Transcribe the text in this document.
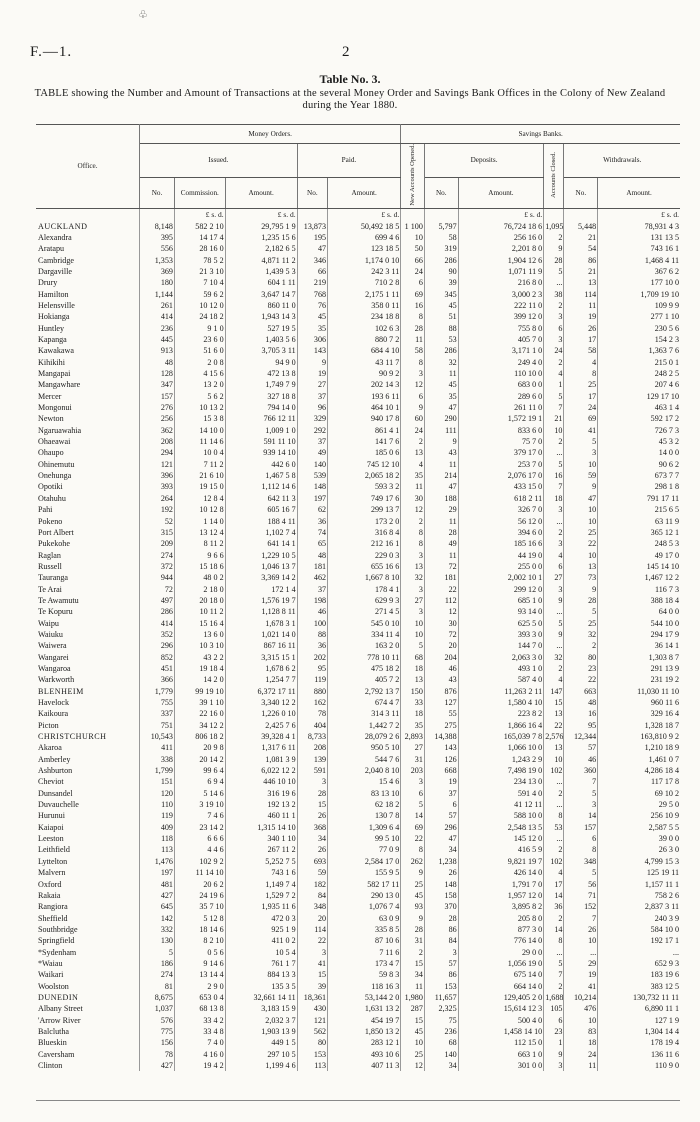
♧
F.—1.	2
Table No. 3.
TABLE showing the Number and Amount of Transactions at the several Money Order and Savings Bank Offices in the Colony of New Zealand during the Year 1880.
Office.	Money Orders.					Savings Banks.					
	Issued.			Paid.		New Accounts Opened.	Deposits.		Accounts Closed.	Withdrawals.	
	No.	Commission.	Amount.	No.	Amount.		No.	Amount.		No.	Amount.
		£ s. d.	£ s. d.		£ s. d.			£ s. d.			£ s. d.
AUCKLAND	8,148	582 2 10	29,795 1 9	13,873	50,492 18 5	1 100	5,797	76,724 18 6	1,095	5,448	78,931 4 3
Alexandra	395	14 17 4	1,235 15 6	195	699 4 6	10	58	256 16 0	2	21	131 13 5
Aratapu	556	28 16 0	2,182 6 5	47	123 18 5	50	319	2,201 8 0	9	54	743 16 1
Cambridge	1,353	78 5 2	4,871 11 2	346	1,174 0 10	66	286	1,904 12 6	28	86	1,468 4 11
Dargaville	369	21 3 10	1,439 5 3	66	242 3 11	24	90	1,071 11 9	5	21	367 6 2
Drury	180	7 10 4	604 1 11	219	710 2 8	6	39	216 8 0	...	13	177 10 0
Hamilton	1,144	59 6 2	3,647 14 7	768	2,175 1 11	69	345	3,000 2 3	38	114	1,709 19 10
Helensville	261	10 12 0	860 11 0	76	358 0 11	16	45	222 11 0	2	11	109 9 9
Hokianga	414	24 18 2	1,943 14 3	45	234 18 8	8	51	399 12 0	3	19	277 1 10
Huntley	236	9 1 0	527 19 5	35	102 6 3	28	88	755 8 0	6	26	230 5 6
Kapanga	445	23 6 0	1,403 5 6	306	880 7 2	11	53	405 7 0	3	17	154 2 3
Kawakawa	913	51 6 0	3,705 3 11	143	684 4 10	58	286	3,171 1 0	24	58	1,363 7 6
Kihikihi	48	2 0 8	94 9 0	9	43 11 7	8	32	249 4 0	2	4	215 0 1
Mangapai	128	4 15 6	472 13 8	19	90 9 2	3	11	110 10 0	4	8	248 2 5
Mangawhare	347	13 2 0	1,749 7 9	27	202 14 3	12	45	683 0 0	1	25	207 4 6
Mercer	157	5 6 2	327 18 8	37	193 6 11	6	35	289 6 0	5	17	129 17 10
Mongonui	276	10 13 2	794 14 0	96	464 10 1	9	47	261 11 0	7	24	463 1 4
Newton	256	15 3 8	766 12 11	329	940 17 8	60	290	1,572 19 1	21	69	592 17 2
Ngaruawahia	362	14 10 0	1,009 1 0	292	861 4 1	24	111	833 6 0	10	41	726 7 3
Ohaeawai	208	11 14 6	591 11 10	37	141 7 6	2	9	75 7 0	2	5	45 3 2
Ohaupo	294	10 0 4	939 14 10	49	185 0 6	13	43	379 17 0	...	3	14 0 0
Ohinemutu	121	7 11 2	442 6 0	140	745 12 10	4	11	253 7 0	5	10	90 6 2
Onehunga	396	21 6 10	1,467 5 8	539	2,065 18 2	35	214	2,076 17 0	16	59	673 7 7
Opotiki	393	19 15 0	1,112 14 6	148	593 3 2	11	47	433 15 0	7	9	298 1 8
Otahuhu	264	12 8 4	642 11 3	197	749 17 6	30	188	618 2 11	18	47	791 17 11
Pahi	192	10 12 8	605 16 7	62	299 13 7	12	29	326 7 0	3	10	215 6 5
Pokeno	52	1 14 0	188 4 11	36	173 2 0	2	11	56 12 0	...	10	63 11 9
Port Albert	315	13 12 4	1,102 7 4	74	316 8 4	8	28	394 6 0	2	25	365 12 1
Pukekohe	209	8 11 2	641 14 1	65	212 16 1	8	49	185 16 6	3	22	248 5 3
Raglan	274	9 6 6	1,229 10 5	48	229 0 3	3	11	44 19 0	4	10	49 17 0
Russell	372	15 18 6	1,046 13 7	181	655 16 6	13	72	255 0 0	6	13	145 14 10
Tauranga	944	48 0 2	3,369 14 2	462	1,667 8 10	32	181	2,002 10 1	27	73	1,467 12 2
Te Arai	72	2 18 0	172 1 4	37	178 4 1	3	22	299 12 0	3	9	116 7 3
Te Awamutu	497	20 18 0	1,576 19 7	198	629 9 3	27	112	685 1 0	9	28	388 18 4
Te Kopuru	286	10 11 2	1,128 8 11	46	271 4 5	3	12	93 14 0	...	5	64 0 0
Waipu	414	15 16 4	1,678 3 1	100	545 0 10	10	30	625 5 0	5	25	544 10 0
Waiuku	352	13 6 0	1,021 14 0	88	334 11 4	10	72	393 3 0	9	32	294 17 9
Waiwera	296	10 3 10	867 16 11	36	163 2 0	5	20	144 7 0	...	2	36 14 1
Wangarei	852	43 2 2	3,315 15 1	202	778 10 11	68	204	2,063 3 0	32	80	1,303 8 7
Wangaroa	451	19 18 4	1,678 6 2	95	475 18 2	18	46	493 1 0	2	23	291 13 9
Warkworth	366	14 2 0	1,254 7 7	119	405 7 2	13	43	587 4 0	4	22	231 19 2
BLENHEIM	1,779	99 19 10	6,372 17 11	880	2,792 13 7	150	876	11,263 2 11	147	663	11,030 11 10
Havelock	755	39 1 10	3,340 12 2	162	674 4 7	33	127	1,580 4 10	15	48	960 11 6
Kaikoura	337	22 16 0	1,226 0 10	78	314 3 11	18	55	223 8 2	13	16	329 16 4
Picton	751	34 12 2	2,425 7 6	404	1,442 7 2	35	275	1,866 16 4	22	95	1,328 18 7
CHRISTCHURCH	10,543	806 18 2	39,328 4 1	8,733	28,079 2 6	2,893	14,388	165,039 7 8	2,576	12,344	163,810 9 2
Akaroa	411	20 9 8	1,317 6 11	208	950 5 10	27	143	1,066 10 0	13	57	1,210 18 9
Amberley	338	20 14 2	1,081 3 9	139	544 7 6	31	126	1,243 2 9	10	46	1,461 0 7
Ashburton	1,799	99 6 4	6,022 12 2	591	2,040 8 10	203	668	7,498 19 0	102	360	4,286 18 4
Cheviot	151	6 9 4	446 10 10	3	15 4 6	3	19	234 13 0	...	7	117 17 8
Dunsandel	120	5 14 6	316 19 6	28	83 13 10	6	37	591 4 0	2	5	69 10 2
Duvauchelle	110	3 19 10	192 13 2	15	62 18 2	5	6	41 12 11	...	3	29 5 0
Hurunui	119	7 4 6	460 11 1	26	130 7 8	14	57	588 10 0	8	14	256 10 9
Kaiapoi	409	23 14 2	1,315 14 10	368	1,309 6 4	69	296	2,548 13 5	53	157	2,587 5 5
Leeston	118	6 6 6	340 1 10	34	99 5 10	22	47	145 12 0	...	6	39 0 0
Leithfield	113	4 4 6	267 11 2	26	77 0 9	8	34	416 5 9	2	8	26 3 0
Lyttelton	1,476	102 9 2	5,252 7 5	693	2,584 17 0	262	1,238	9,821 19 7	102	348	4,799 15 3
Malvern	197	11 14 10	743 1 6	59	155 9 5	9	26	426 14 0	4	5	125 19 11
Oxford	481	20 6 2	1,149 7 4	182	582 17 11	25	148	1,791 7 0	17	56	1,157 11 1
Rakaia	427	24 19 6	1,529 7 2	84	290 13 0	45	158	1,957 12 0	14	71	758 2 6
Rangiora	645	35 7 10	1,935 11 6	348	1,076 7 4	93	370	3,895 8 2	36	152	2,837 3 11
Sheffield	142	5 12 8	472 0 3	20	63 0 9	9	28	205 8 0	2	7	240 3 9
Southbridge	332	18 14 6	925 1 9	114	335 8 5	28	86	877 3 0	14	26	584 10 0
Springfield	130	8 2 10	411 0 2	22	87 10 6	31	84	776 14 0	8	10	192 17 1
*Sydenham	5	0 5 6	10 5 4	3	7 11 6	2	3	29 0 0	...	...	...
*Waiau	186	9 14 6	761 1 7	41	173 4 7	15	57	1,056 19 0	5	29	652 9 3
Waikari	274	13 14 4	884 13 3	15	59 8 3	34	86	675 14 0	7	19	183 19 6
Woolston	81	2 9 0	135 3 5	39	118 16 3	11	153	664 14 0	2	41	383 12 5
DUNEDIN	8,675	653 0 4	32,661 14 11	18,361	53,144 2 0	1,980	11,657	129,405 2 0	1,688	10,214	130,732 11 11
Albany Street	1,037	68 13 8	3,183 15 9	430	1,631 13 2	287	2,325	15,614 12 3	105	476	6,890 11 1
'Arrow River	576	33 4 2	2,032 3 7	121	454 19 7	15	75	500 4 0	6	10	127 1 9
Balclutha	775	33 4 8	1,903 13 9	562	1,850 13 2	45	236	1,458 14 10	23	83	1,304 14 4
Blueskin	156	7 4 0	449 1 5	80	283 12 1	10	68	112 15 0	1	18	178 19 4
Caversham	78	4 16 0	297 10 5	153	493 10 6	25	140	663 1 0	9	24	136 11 6
Clinton	427	19 4 2	1,199 4 6	113	407 11 3	12	34	301 0 0	3	11	110 9 0
